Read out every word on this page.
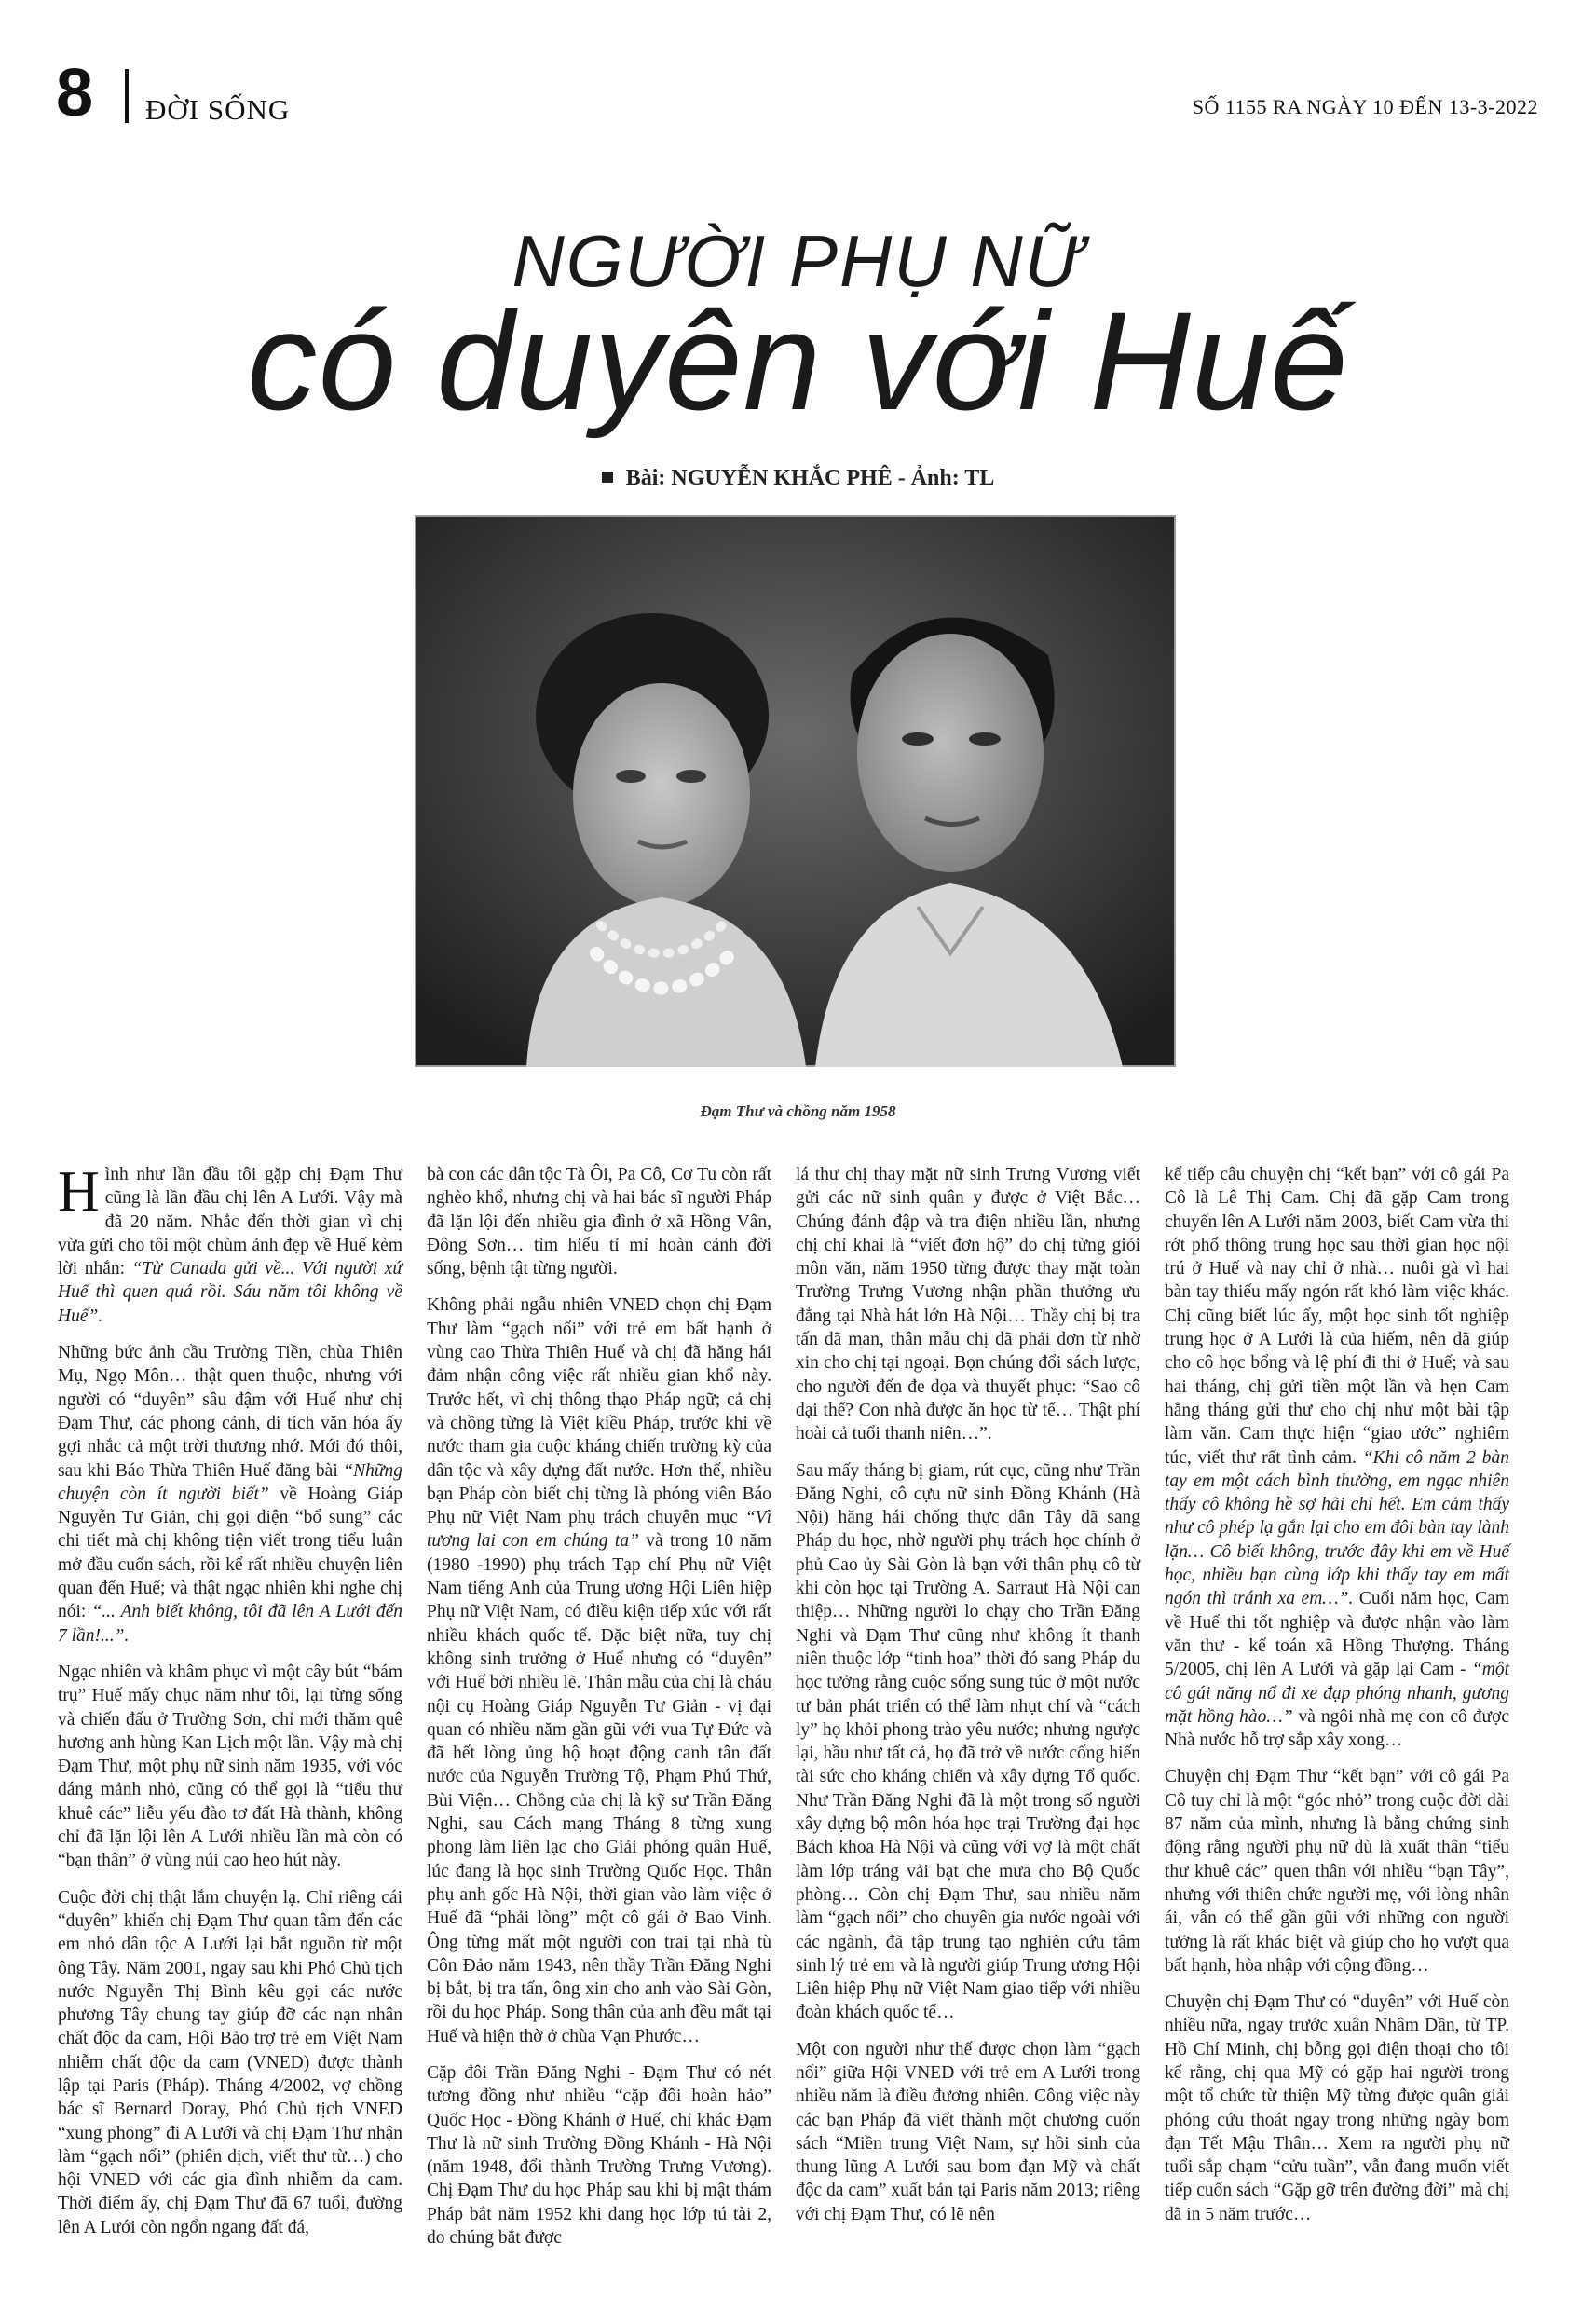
8 ĐỜI SỐNG	SỐ 1155 RA NGÀY 10 ĐẾN 13-3-2022
NGƯỜI PHỤ NỮ
có duyên với Huế
Bài: NGUYỄN KHẮC PHÊ - Ảnh: TL
Đạm Thư và chồng năm 1958

Hình như lần đầu tôi gặp chị Đạm Thư cũng là lần đầu chị lên A Lưới. Vậy mà đã 20 năm. Nhắc đến thời gian vì chị vừa gửi cho tôi một chùm ảnh đẹp về Huế kèm lời nhắn: “Từ Canada gửi về... Với người xứ Huế thì quen quá rồi. Sáu năm tôi không về Huế”.

Những bức ảnh cầu Trường Tiền, chùa Thiên Mụ, Ngọ Môn… thật quen thuộc, nhưng với người có “duyên” sâu đậm với Huế như chị Đạm Thư, các phong cảnh, di tích văn hóa ấy gợi nhắc cả một trời thương nhớ. Mới đó thôi, sau khi Báo Thừa Thiên Huế đăng bài “Những chuyện còn ít người biết” về Hoàng Giáp Nguyễn Tư Giản, chị gọi điện “bổ sung” các chi tiết mà chị không tiện viết trong tiểu luận mở đầu cuốn sách, rồi kể rất nhiều chuyện liên quan đến Huế; và thật ngạc nhiên khi nghe chị nói: “... Anh biết không, tôi đã lên A Lưới đến 7 lần!...”.

Ngạc nhiên và khâm phục vì một cây bút “bám trụ” Huế mấy chục năm như tôi, lại từng sống và chiến đấu ở Trường Sơn, chỉ mới thăm quê hương anh hùng Kan Lịch một lần. Vậy mà chị Đạm Thư, một phụ nữ sinh năm 1935, với vóc dáng mảnh nhỏ, cũng có thể gọi là “tiểu thư khuê các” liễu yếu đào tơ đất Hà thành, không chỉ đã lặn lội lên A Lưới nhiều lần mà còn có “bạn thân” ở vùng núi cao heo hút này.

Cuộc đời chị thật lắm chuyện lạ. Chỉ riêng cái “duyên” khiến chị Đạm Thư quan tâm đến các em nhỏ dân tộc A Lưới lại bắt nguồn từ một ông Tây. Năm 2001, ngay sau khi Phó Chủ tịch nước Nguyễn Thị Bình kêu gọi các nước phương Tây chung tay giúp đỡ các nạn nhân chất độc da cam, Hội Bảo trợ trẻ em Việt Nam nhiễm chất độc da cam (VNED) được thành lập tại Paris (Pháp). Tháng 4/2002, vợ chồng bác sĩ Bernard Doray, Phó Chủ tịch VNED “xung phong” đi A Lưới và chị Đạm Thư nhận làm “gạch nối” (phiên dịch, viết thư từ…) cho hội VNED với các gia đình nhiễm da cam. Thời điểm ấy, chị Đạm Thư đã 67 tuổi, đường lên A Lưới còn ngổn ngang đất đá,

bà con các dân tộc Tà Ôi, Pa Cô, Cơ Tu còn rất nghèo khổ, nhưng chị và hai bác sĩ người Pháp đã lặn lội đến nhiều gia đình ở xã Hồng Vân, Đông Sơn… tìm hiểu tỉ mỉ hoàn cảnh đời sống, bệnh tật từng người.

Không phải ngẫu nhiên VNED chọn chị Đạm Thư làm “gạch nối” với trẻ em bất hạnh ở vùng cao Thừa Thiên Huế và chị đã hăng hái đảm nhận công việc rất nhiều gian khổ này. Trước hết, vì chị thông thạo Pháp ngữ; cả chị và chồng từng là Việt kiều Pháp, trước khi về nước tham gia cuộc kháng chiến trường kỳ của dân tộc và xây dựng đất nước. Hơn thế, nhiều bạn Pháp còn biết chị từng là phóng viên Báo Phụ nữ Việt Nam phụ trách chuyên mục “Vì tương lai con em chúng ta” và trong 10 năm (1980 -1990) phụ trách Tạp chí Phụ nữ Việt Nam tiếng Anh của Trung ương Hội Liên hiệp Phụ nữ Việt Nam, có điều kiện tiếp xúc với rất nhiều khách quốc tế. Đặc biệt nữa, tuy chị không sinh trưởng ở Huế nhưng có “duyên” với Huế bởi nhiều lẽ. Thân mẫu của chị là cháu nội cụ Hoàng Giáp Nguyễn Tư Giản - vị đại quan có nhiều năm gần gũi với vua Tự Đức và đã hết lòng ủng hộ hoạt động canh tân đất nước của Nguyễn Trường Tộ, Phạm Phú Thứ, Bùi Viện… Chồng của chị là kỹ sư Trần Đăng Nghi, sau Cách mạng Tháng 8 từng xung phong làm liên lạc cho Giải phóng quân Huế, lúc đang là học sinh Trường Quốc Học. Thân phụ anh gốc Hà Nội, thời gian vào làm việc ở Huế đã “phải lòng” một cô gái ở Bao Vinh. Ông từng mất một người con trai tại nhà tù Côn Đảo năm 1943, nên thầy Trần Đăng Nghi bị bắt, bị tra tấn, ông xin cho anh vào Sài Gòn, rồi du học Pháp. Song thân của anh đều mất tại Huế và hiện thờ ở chùa Vạn Phước…

Cặp đôi Trần Đăng Nghi - Đạm Thư có nét tương đồng như nhiều “cặp đôi hoàn hảo” Quốc Học - Đồng Khánh ở Huế, chỉ khác Đạm Thư là nữ sinh Trường Đồng Khánh - Hà Nội (năm 1948, đổi thành Trường Trưng Vương). Chị Đạm Thư du học Pháp sau khi bị mật thám Pháp bắt năm 1952 khi đang học lớp tú tài 2, do chúng bắt được

lá thư chị thay mặt nữ sinh Trưng Vương viết gửi các nữ sinh quân y được ở Việt Bắc… Chúng đánh đập và tra điện nhiều lần, nhưng chị chỉ khai là “viết đơn hộ” do chị từng giỏi môn văn, năm 1950 từng được thay mặt toàn Trường Trưng Vương nhận phần thưởng ưu đẳng tại Nhà hát lớn Hà Nội… Thầy chị bị tra tấn dã man, thân mẫu chị đã phải đơn từ nhờ xin cho chị tại ngoại. Bọn chúng đổi sách lược, cho người đến đe dọa và thuyết phục: “Sao cô dại thế? Con nhà được ăn học từ tế… Thật phí hoài cả tuổi thanh niên…”.

Sau mấy tháng bị giam, rút cục, cũng như Trần Đăng Nghi, cô cựu nữ sinh Đồng Khánh (Hà Nội) hăng hái chống thực dân Tây đã sang Pháp du học, nhờ người phụ trách học chính ở phủ Cao ủy Sài Gòn là bạn với thân phụ cô từ khi còn học tại Trường A. Sarraut Hà Nội can thiệp… Những người lo chạy cho Trần Đăng Nghi và Đạm Thư cũng như không ít thanh niên thuộc lớp “tinh hoa” thời đó sang Pháp du học tưởng rằng cuộc sống sung túc ở một nước tư bản phát triển có thể làm nhụt chí và “cách ly” họ khỏi phong trào yêu nước; nhưng ngược lại, hầu như tất cả, họ đã trở về nước cống hiến tài sức cho kháng chiến và xây dựng Tổ quốc. Như Trần Đăng Nghi đã là một trong số người xây dựng bộ môn hóa học trại Trường đại học Bách khoa Hà Nội và cũng với vợ là một chất làm lớp tráng vải bạt che mưa cho Bộ Quốc phòng… Còn chị Đạm Thư, sau nhiều năm làm “gạch nối” cho chuyên gia nước ngoài với các ngành, đã tập trung tạo nghiên cứu tâm sinh lý trẻ em và là người giúp Trung ương Hội Liên hiệp Phụ nữ Việt Nam giao tiếp với nhiều đoàn khách quốc tế…

Một con người như thế được chọn làm “gạch nối” giữa Hội VNED với trẻ em A Lưới trong nhiều năm là điều đương nhiên. Công việc này các bạn Pháp đã viết thành một chương cuốn sách “Miền trung Việt Nam, sự hồi sinh của thung lũng A Lưới sau bom đạn Mỹ và chất độc da cam” xuất bản tại Paris năm 2013; riêng với chị Đạm Thư, có lẽ nên

kể tiếp câu chuyện chị “kết bạn” với cô gái Pa Cô là Lê Thị Cam. Chị đã gặp Cam trong chuyến lên A Lưới năm 2003, biết Cam vừa thi rớt phổ thông trung học sau thời gian học nội trú ở Huế và nay chỉ ở nhà… nuôi gà vì hai bàn tay thiếu mấy ngón rất khó làm việc khác. Chị cũng biết lúc ấy, một học sinh tốt nghiệp trung học ở A Lưới là của hiếm, nên đã giúp cho cô học bổng và lệ phí đi thi ở Huế; và sau hai tháng, chị gửi tiền một lần và hẹn Cam hằng tháng gửi thư cho chị như một bài tập làm văn. Cam thực hiện “giao ước” nghiêm túc, viết thư rất tình cảm. “Khi cô năm 2 bàn tay em một cách bình thường, em ngạc nhiên thấy cô không hề sợ hãi chỉ hết. Em cảm thấy như cô phép lạ gắn lại cho em đôi bàn tay lành lặn… Cô biết không, trước đây khi em về Huế học, nhiều bạn cùng lớp khi thấy tay em mất ngón thì tránh xa em…”. Cuối năm học, Cam về Huế thi tốt nghiệp và được nhận vào làm văn thư - kế toán xã Hồng Thượng. Tháng 5/2005, chị lên A Lưới và gặp lại Cam - “một cô gái năng nổ đi xe đạp phóng nhanh, gương mặt hồng hào…” và ngôi nhà mẹ con cô được Nhà nước hỗ trợ sắp xây xong…

Chuyện chị Đạm Thư “kết bạn” với cô gái Pa Cô tuy chỉ là một “góc nhỏ” trong cuộc đời dài 87 năm của mình, nhưng là bằng chứng sinh động rằng người phụ nữ dù là xuất thân “tiểu thư khuê các” quen thân với nhiều “bạn Tây”, nhưng với thiên chức người mẹ, với lòng nhân ái, vẫn có thể gần gũi với những con người tưởng là rất khác biệt và giúp cho họ vượt qua bất hạnh, hòa nhập với cộng đồng…

Chuyện chị Đạm Thư có “duyên” với Huế còn nhiều nữa, ngay trước xuân Nhâm Dần, từ TP. Hồ Chí Minh, chị bỗng gọi điện thoại cho tôi kể rằng, chị qua Mỹ có gặp hai người trong một tổ chức từ thiện Mỹ từng được quân giải phóng cứu thoát ngay trong những ngày bom đạn Tết Mậu Thân… Xem ra người phụ nữ tuổi sắp chạm “cửu tuần”, vẫn đang muốn viết tiếp cuốn sách “Gặp gỡ trên đường đời” mà chị đã in 5 năm trước…
